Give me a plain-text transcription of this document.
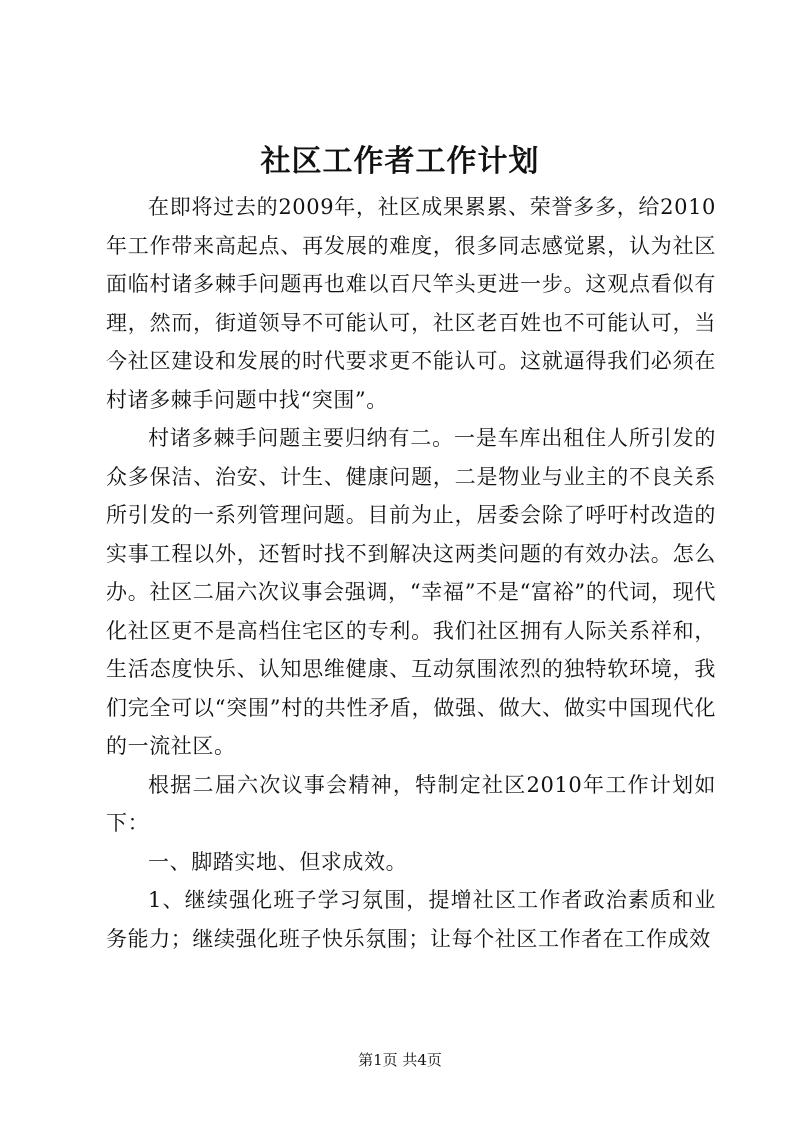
社区工作者工作计划

在即将过去的2009年，社区成果累累、荣誉多多，给2010年工作带来高起点、再发展的难度，很多同志感觉累，认为社区面临村诸多棘手问题再也难以百尺竿头更进一步。这观点看似有理，然而，街道领导不可能认可，社区老百姓也不可能认可，当今社区建设和发展的时代要求更不能认可。这就逼得我们必须在村诸多棘手问题中找“突围”。

村诸多棘手问题主要归纳有二。一是车库出租住人所引发的众多保洁、治安、计生、健康问题，二是物业与业主的不良关系所引发的一系列管理问题。目前为止，居委会除了呼吁村改造的实事工程以外，还暂时找不到解决这两类问题的有效办法。怎么办。社区二届六次议事会强调，“幸福”不是“富裕”的代词，现代化社区更不是高档住宅区的专利。我们社区拥有人际关系祥和，生活态度快乐、认知思维健康、互动氛围浓烈的独特软环境，我们完全可以“突围”村的共性矛盾，做强、做大、做实中国现代化的一流社区。

根据二届六次议事会精神，特制定社区2010年工作计划如下：

一、脚踏实地、但求成效。

1、继续强化班子学习氛围，提增社区工作者政治素质和业务能力；继续强化班子快乐氛围；让每个社区工作者在工作成效

第1页 共4页
